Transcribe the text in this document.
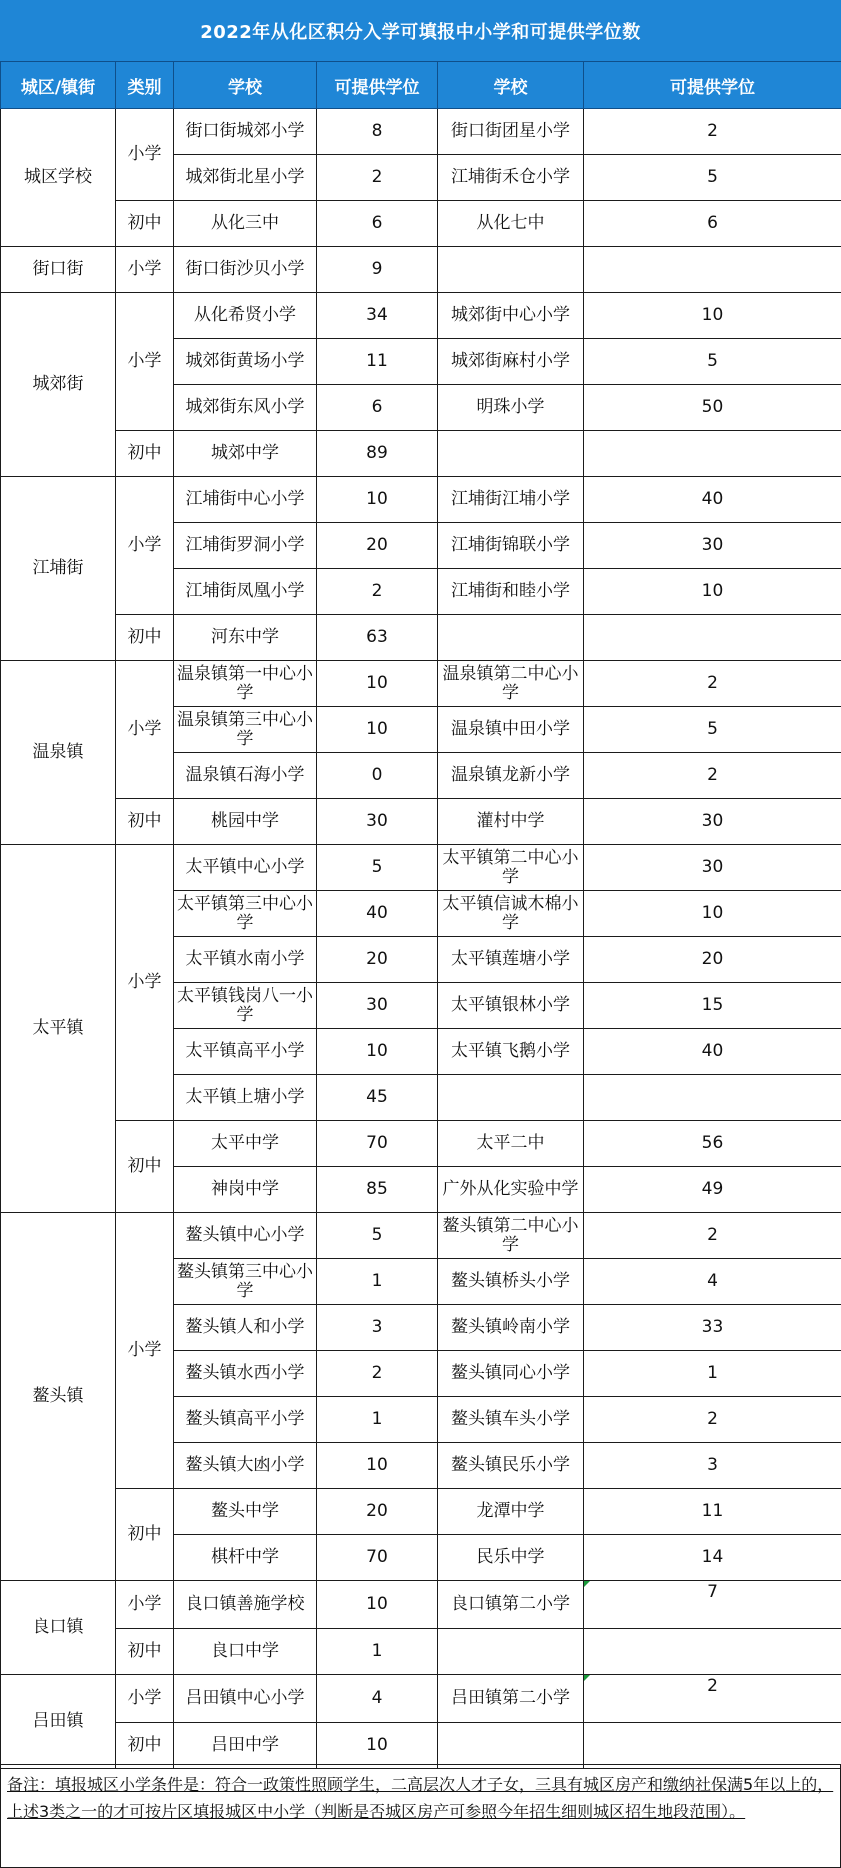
2022年从化区积分入学可填报中小学和可提供学位数
城区/镇街	类别	学校	可提供学位	学校	可提供学位
城区学校	小学	街口街城郊小学	8	街口街团星小学	2
		城郊街北星小学	2	江埔街禾仓小学	5
	初中	从化三中	6	从化七中	6
街口街	小学	街口街沙贝小学	9		
城郊街	小学	从化希贤小学	34	城郊街中心小学	10
		城郊街黄场小学	11	城郊街麻村小学	5
		城郊街东风小学	6	明珠小学	50
	初中	城郊中学	89		
江埔街	小学	江埔街中心小学	10	江埔街江埔小学	40
		江埔街罗洞小学	20	江埔街锦联小学	30
		江埔街凤凰小学	2	江埔街和睦小学	10
	初中	河东中学	63		
温泉镇	小学	温泉镇第一中心小学	10	温泉镇第二中心小学	2
		温泉镇第三中心小学	10	温泉镇中田小学	5
		温泉镇石海小学	0	温泉镇龙新小学	2
	初中	桃园中学	30	灌村中学	30
太平镇	小学	太平镇中心小学	5	太平镇第二中心小学	30
		太平镇第三中心小学	40	太平镇信诚木棉小学	10
		太平镇水南小学	20	太平镇莲塘小学	20
		太平镇钱岗八一小学	30	太平镇银林小学	15
		太平镇高平小学	10	太平镇飞鹅小学	40
		太平镇上塘小学	45		
	初中	太平中学	70	太平二中	56
		神岗中学	85	广外从化实验中学	49
鳌头镇	小学	鳌头镇中心小学	5	鳌头镇第二中心小学	2
		鳌头镇第三中心小学	1	鳌头镇桥头小学	4
		鳌头镇人和小学	3	鳌头镇岭南小学	33
		鳌头镇水西小学	2	鳌头镇同心小学	1
		鳌头镇高平小学	1	鳌头镇车头小学	2
		鳌头镇大凼小学	10	鳌头镇民乐小学	3
	初中	鳌头中学	20	龙潭中学	11
		棋杆中学	70	民乐中学	14
良口镇	小学	良口镇善施学校	10	良口镇第二小学	7
	初中	良口中学	1		
吕田镇	小学	吕田镇中心小学	4	吕田镇第二小学	2
	初中	吕田中学	10		
备注：填报城区小学条件是：符合一政策性照顾学生，二高层次人才子女，三具有城区房产和缴纳社保满5年以上的，上述3类之一的才可按片区填报城区中小学（判断是否城区房产可参照今年招生细则城区招生地段范围）。
